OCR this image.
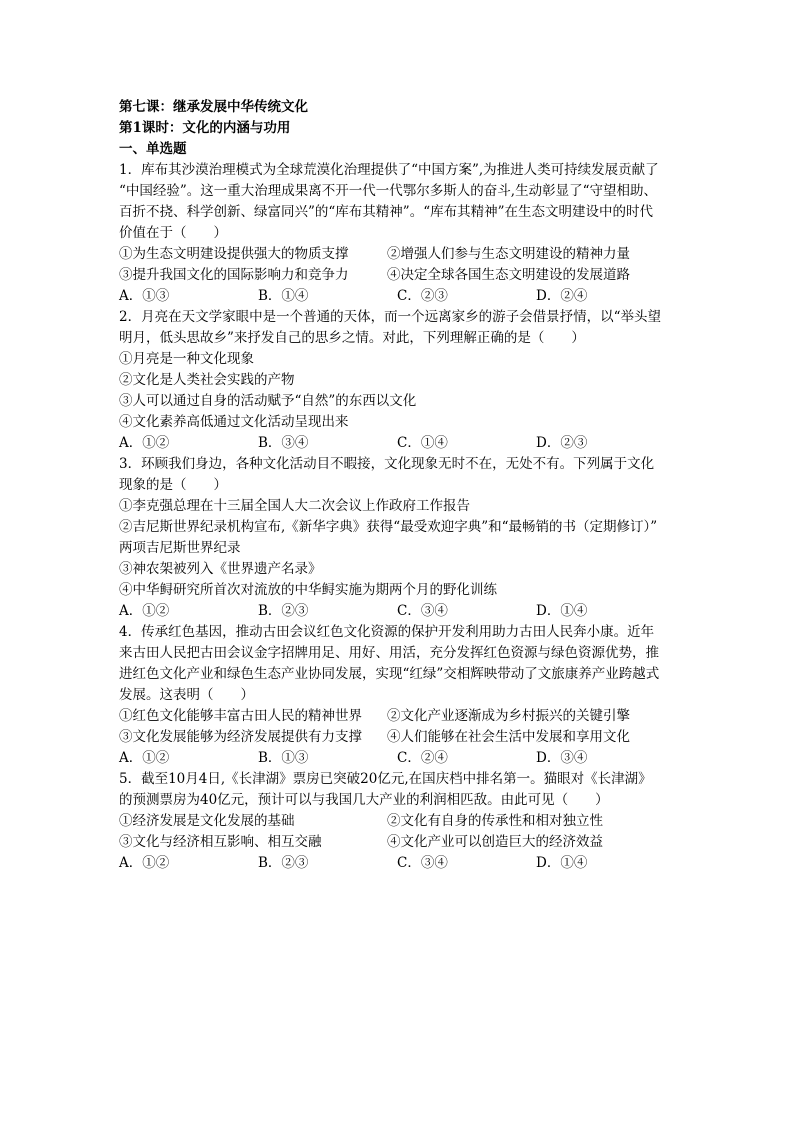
第七课：继承发展中华传统文化
第1课时：文化的内涵与功用
一、单选题
1．库布其沙漠治理模式为全球荒漠化治理提供了“中国方案”,为推进人类可持续发展贡献了
“中国经验”。这一重大治理成果离不开一代一代鄂尔多斯人的奋斗,生动彰显了“守望相助、
百折不挠、科学创新、绿富同兴”的“库布其精神”。“库布其精神”在生态文明建设中的时代
价值在于（　　）
①为生态文明建设提供强大的物质支撑	②增强人们参与生态文明建设的精神力量
③提升我国文化的国际影响力和竞争力	④决定全球各国生态文明建设的发展道路
A．①③	B．①④	C．②③	D．②④
2．月亮在天文学家眼中是一个普通的天体，而一个远离家乡的游子会借景抒情，以“举头望
明月，低头思故乡”来抒发自己的思乡之情。对此，下列理解正确的是（　　）
①月亮是一种文化现象
②文化是人类社会实践的产物
③人可以通过自身的活动赋予“自然”的东西以文化
④文化素养高低通过文化活动呈现出来
A．①②	B．③④	C．①④	D．②③
3．环顾我们身边，各种文化活动目不暇接，文化现象无时不在，无处不有。下列属于文化
现象的是（　　）
①李克强总理在十三届全国人大二次会议上作政府工作报告
②吉尼斯世界纪录机构宣布,《新华字典》获得“最受欢迎字典”和“最畅销的书（定期修订）”
两项吉尼斯世界纪录
③神农架被列入《世界遗产名录》
④中华鲟研究所首次对流放的中华鲟实施为期两个月的野化训练
A．①②	B．②③	C．③④	D．①④
4．传承红色基因，推动古田会议红色文化资源的保护开发利用助力古田人民奔小康。近年
来古田人民把古田会议金字招牌用足、用好、用活，充分发挥红色资源与绿色资源优势，推
进红色文化产业和绿色生态产业协同发展，实现“红绿”交相辉映带动了文旅康养产业跨越式
发展。这表明（　　）
①红色文化能够丰富古田人民的精神世界	②文化产业逐渐成为乡村振兴的关键引擎
③文化发展能够为经济发展提供有力支撑	④人们能够在社会生活中发展和享用文化
A．①②	B．①③	C．②④	D．③④
5．截至10月4日,《长津湖》票房已突破20亿元,在国庆档中排名第一。猫眼对《长津湖》
的预测票房为40亿元，预计可以与我国几大产业的利润相匹敌。由此可见（　　）
①经济发展是文化发展的基础	②文化有自身的传承性和相对独立性
③文化与经济相互影响、相互交融	④文化产业可以创造巨大的经济效益
A．①②	B．②③	C．③④	D．①④
